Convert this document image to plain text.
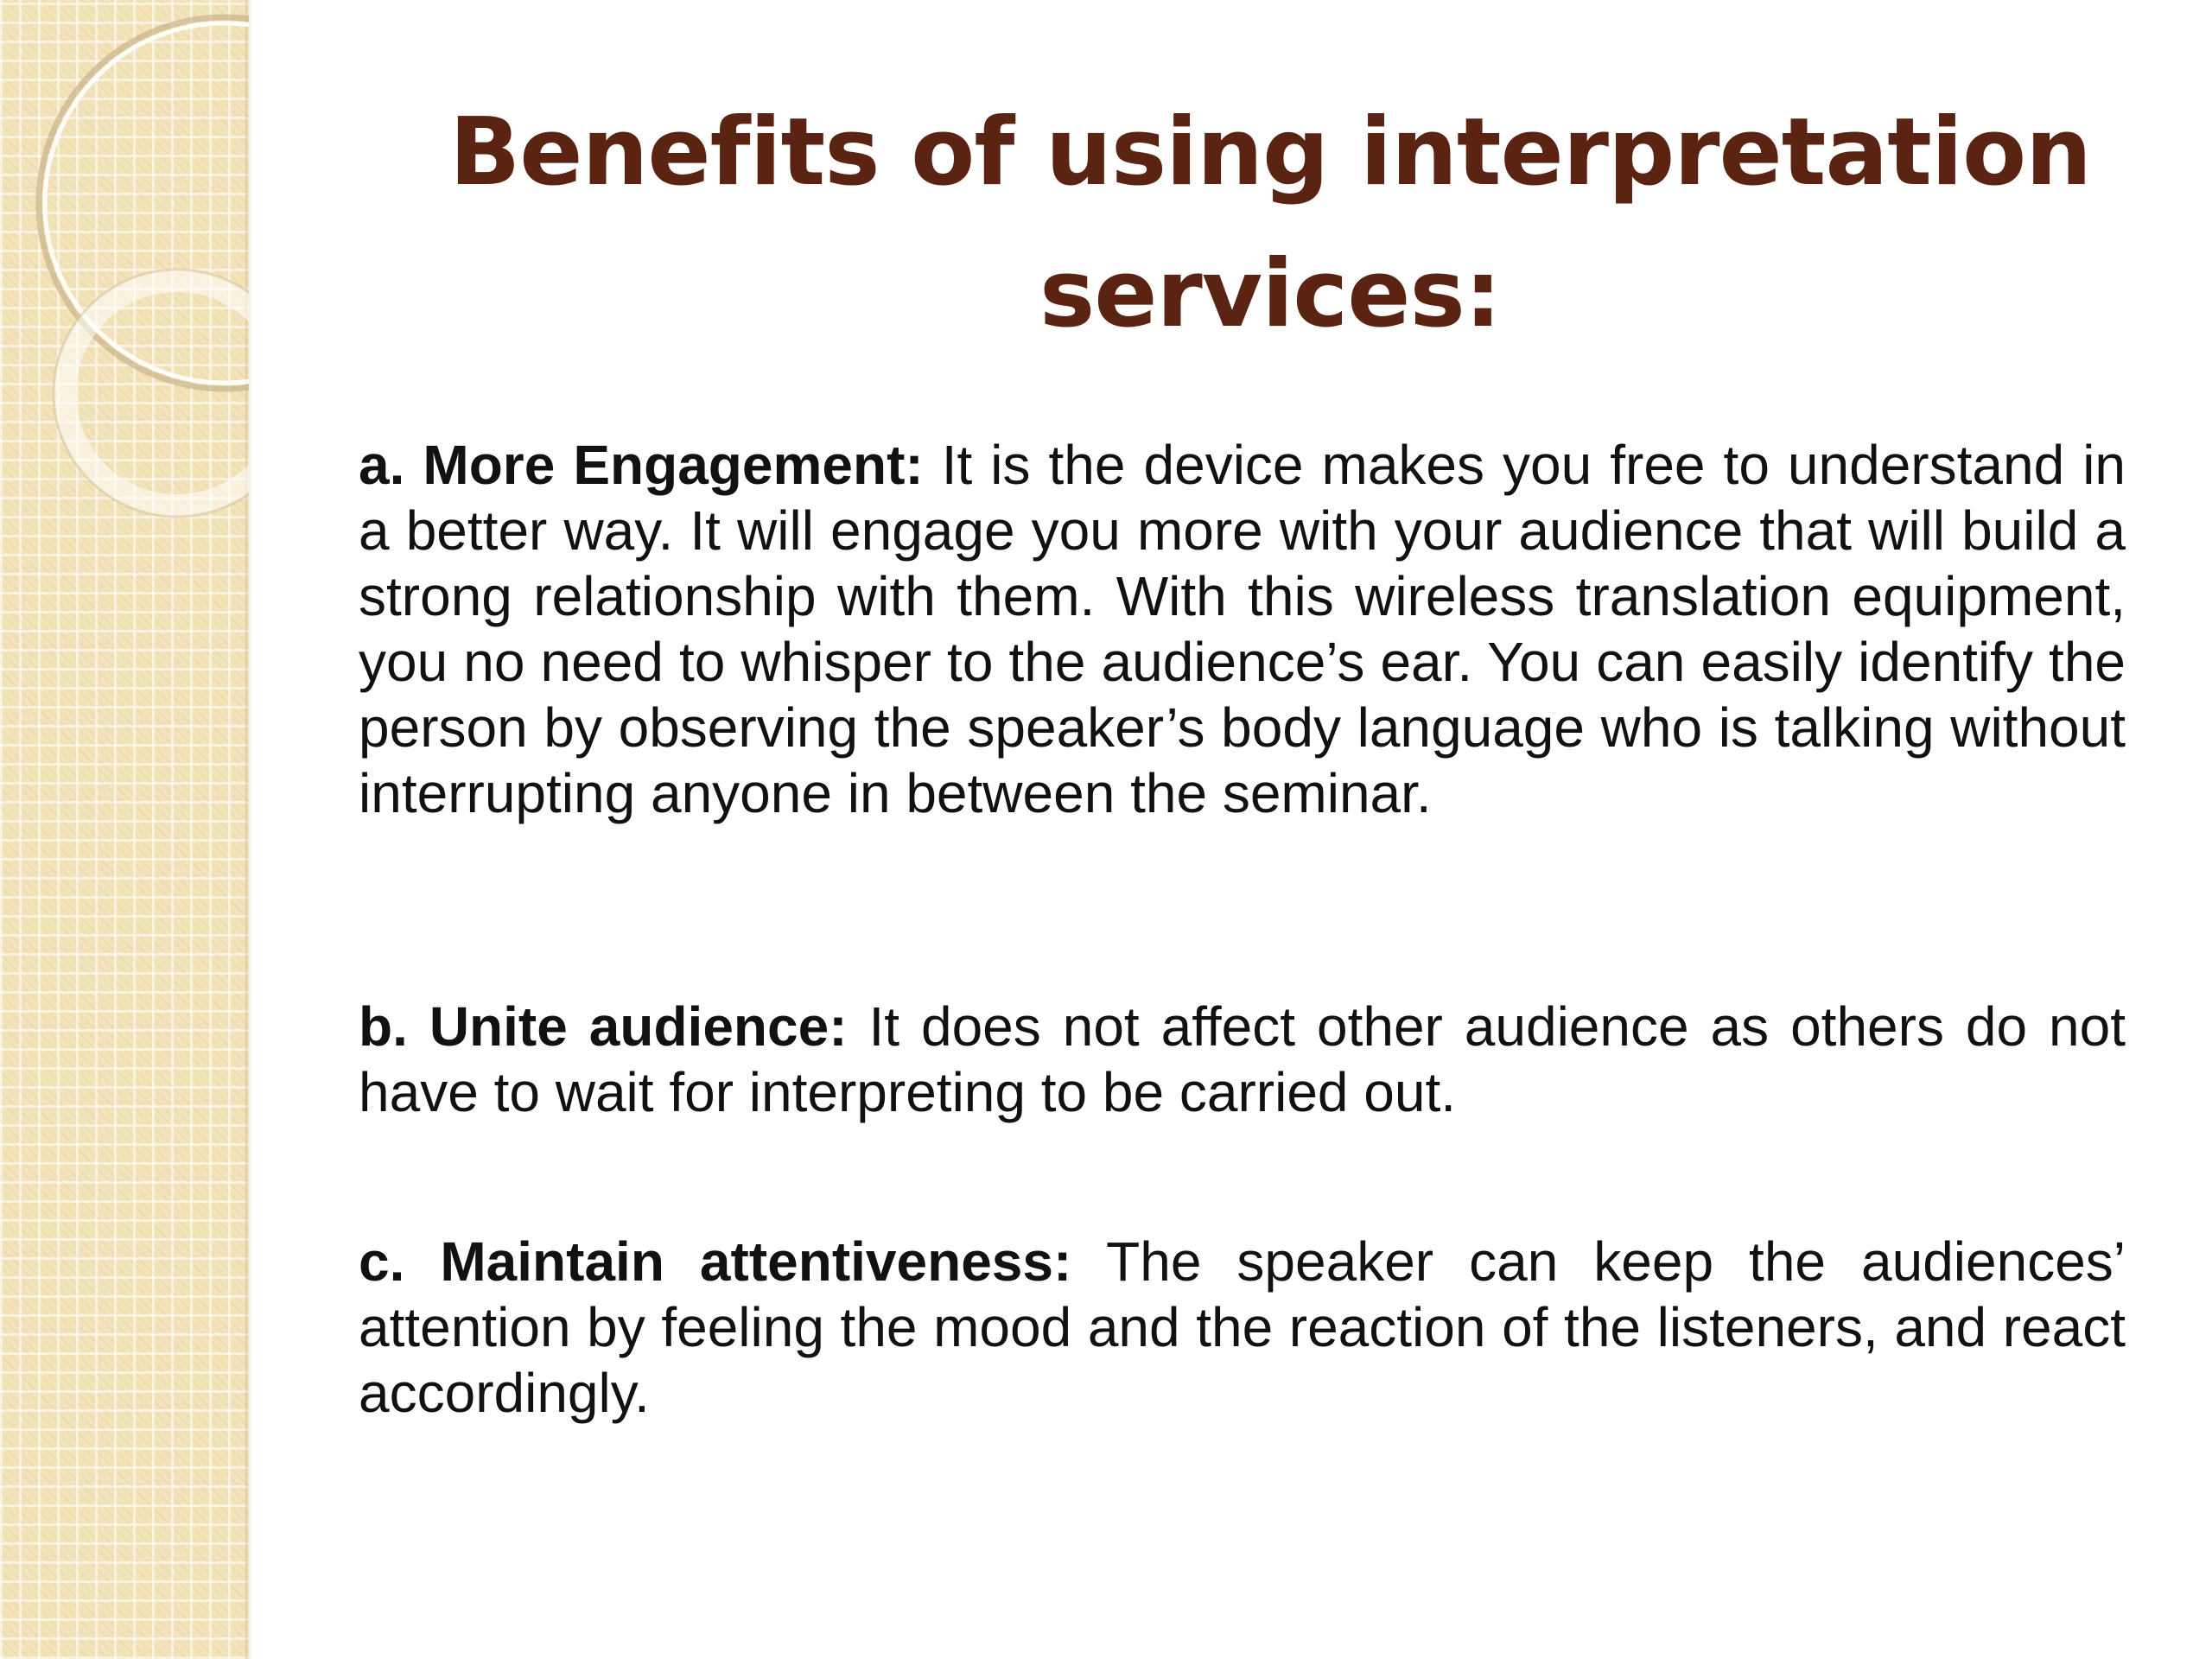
Benefits of using interpretation services:

a. More Engagement: It is the device makes you free to understand in a better way. It will engage you more with your audience that will build a strong relationship with them. With this wireless translation equipment, you no need to whisper to the audience’s ear. You can easily identify the person by observing the speaker’s body language who is talking without interrupting anyone in between the seminar.

b. Unite audience: It does not affect other audience as others do not have to wait for interpreting to be carried out.

c. Maintain attentiveness: The speaker can keep the audiences’ attention by feeling the mood and the reaction of the listeners, and react accordingly.
